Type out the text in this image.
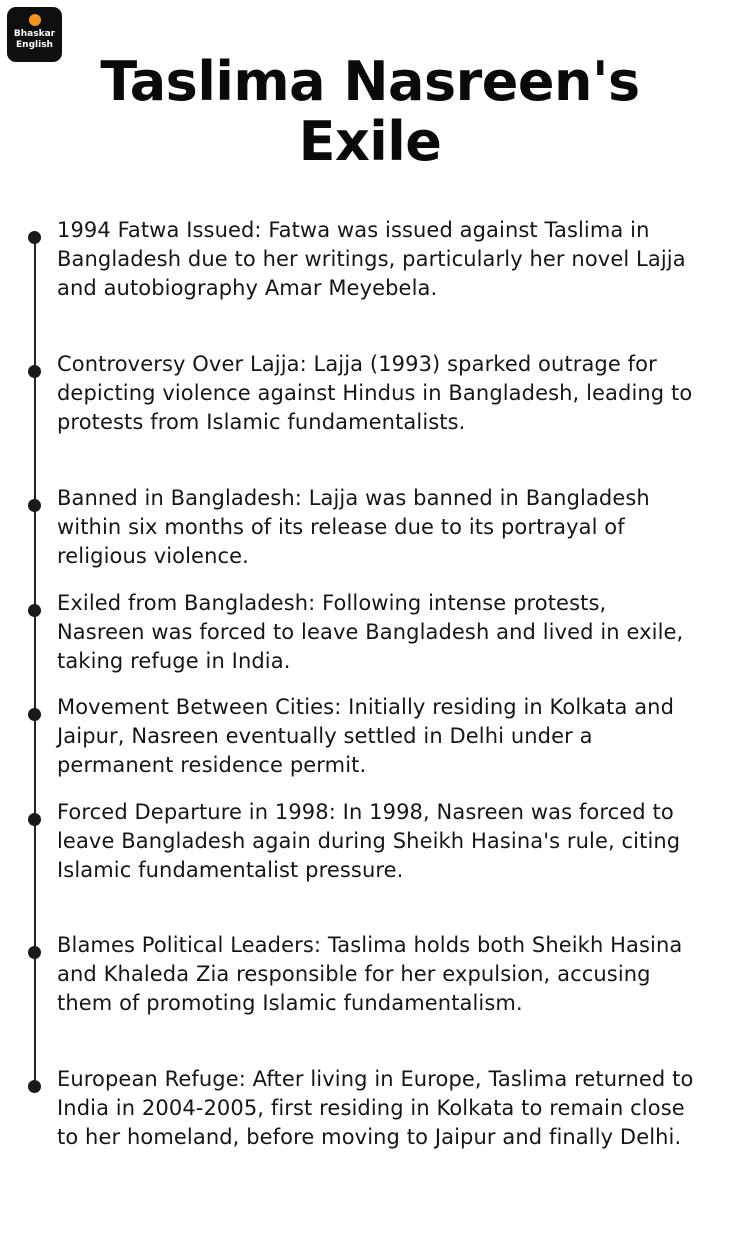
Bhaskar
English
Taslima Nasreen's
Exile

1994 Fatwa Issued: Fatwa was issued against Taslima in Bangladesh due to her writings, particularly her novel Lajja and autobiography Amar Meyebela.

Controversy Over Lajja: Lajja (1993) sparked outrage for depicting violence against Hindus in Bangladesh, leading to protests from Islamic fundamentalists.

Banned in Bangladesh: Lajja was banned in Bangladesh within six months of its release due to its portrayal of religious violence.

Exiled from Bangladesh: Following intense protests, Nasreen was forced to leave Bangladesh and lived in exile, taking refuge in India.

Movement Between Cities: Initially residing in Kolkata and Jaipur, Nasreen eventually settled in Delhi under a permanent residence permit.

Forced Departure in 1998: In 1998, Nasreen was forced to leave Bangladesh again during Sheikh Hasina's rule, citing Islamic fundamentalist pressure.

Blames Political Leaders: Taslima holds both Sheikh Hasina and Khaleda Zia responsible for her expulsion, accusing them of promoting Islamic fundamentalism.

European Refuge: After living in Europe, Taslima returned to India in 2004-2005, first residing in Kolkata to remain close to her homeland, before moving to Jaipur and finally Delhi.
